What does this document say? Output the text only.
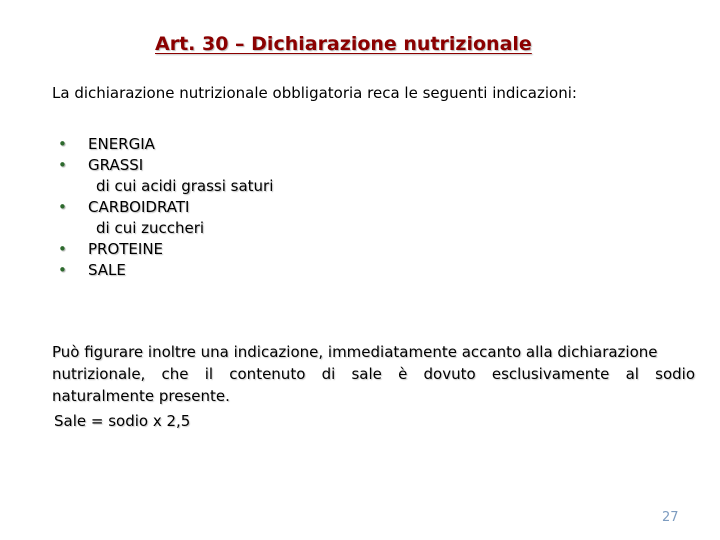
Art. 30 – Dichiarazione nutrizionale
La dichiarazione nutrizionale obbligatoria reca le seguenti indicazioni:
• ENERGIA
• GRASSI
di cui acidi grassi saturi
• CARBOIDRATI
di cui zuccheri
• PROTEINE
• SALE
Può figurare inoltre una indicazione, immediatamente accanto alla dichiarazione
nutrizionale, che il contenuto di sale è dovuto esclusivamente al sodio
naturalmente presente.
Sale = sodio x 2,5
27
